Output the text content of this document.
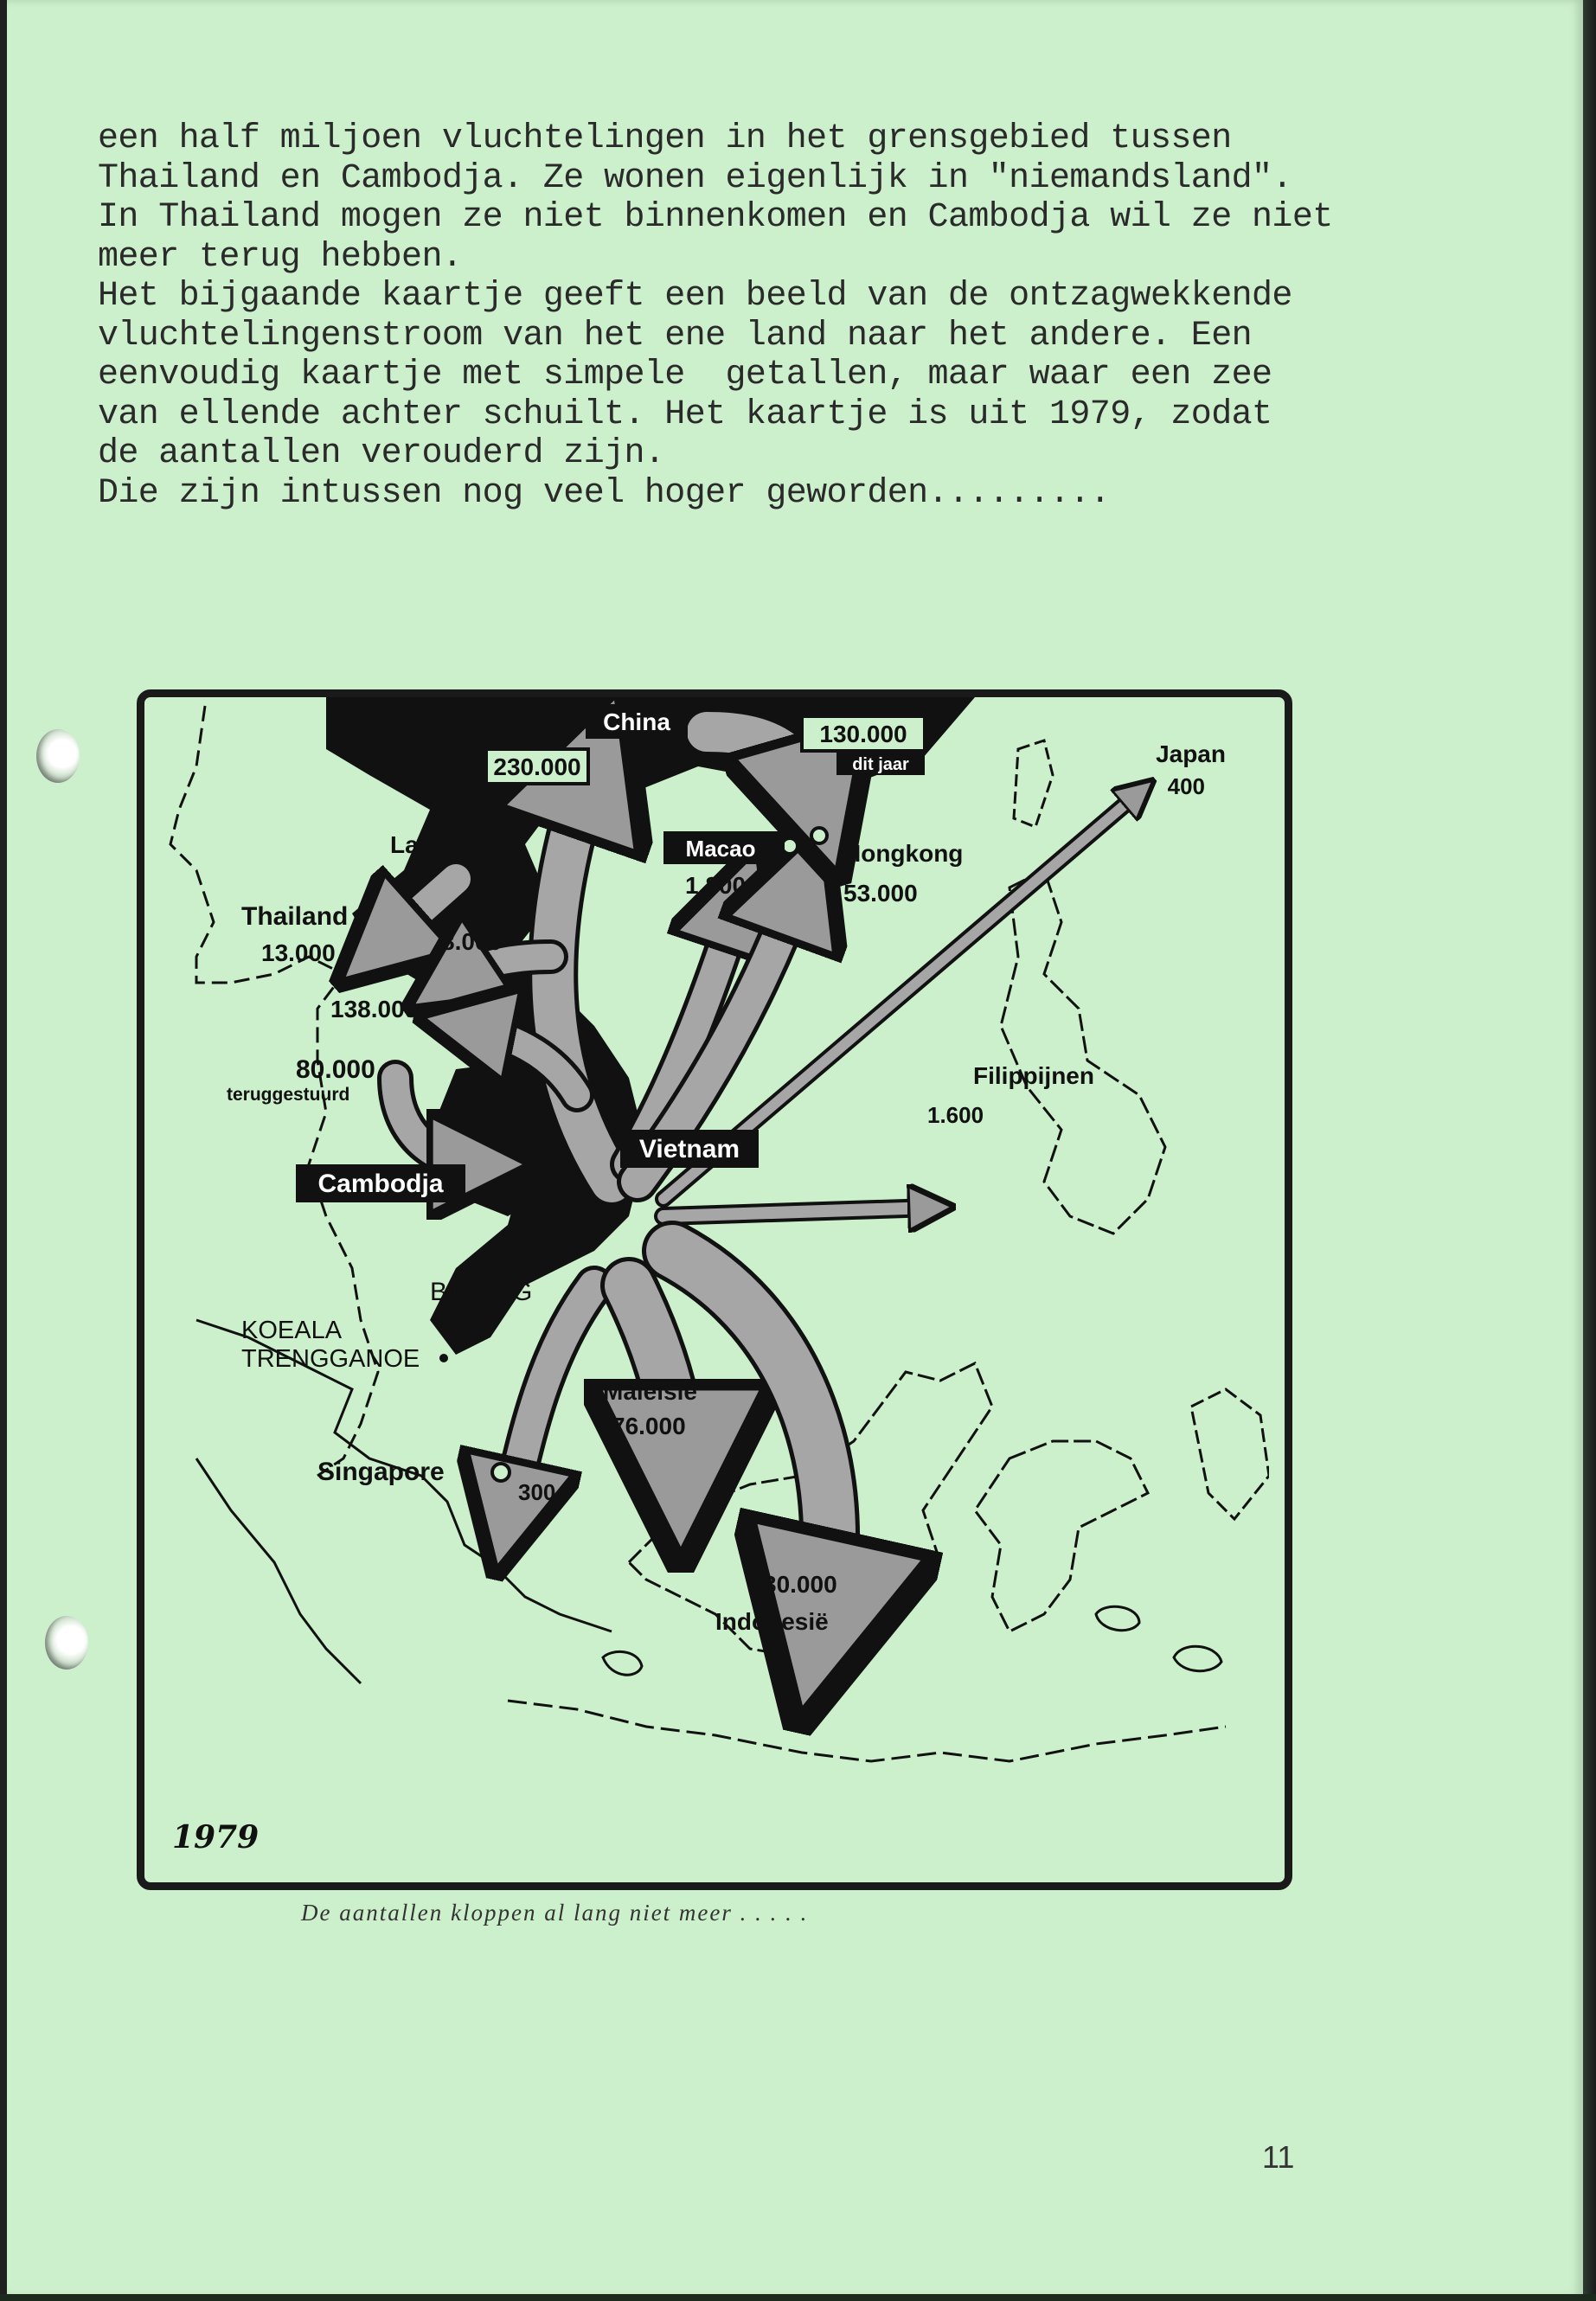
een half miljoen vluchtelingen in het grensgebied tussen
Thailand en Cambodja. Ze wonen eigenlijk in "niemandsland".
In Thailand mogen ze niet binnenkomen en Cambodja wil ze niet
meer terug hebben.
Het bijgaande kaartje geeft een beeld van de ontzagwekkende
vluchtelingenstroom van het ene land naar het andere. Een
eenvoudig kaartje met simpele  getallen, maar waar een zee
van ellende achter schuilt. Het kaartje is uit 1979, zodat
de aantallen verouderd zijn.
Die zijn intussen nog veel hoger geworden.........
China
230.000
130.000
dit jaar
Macao
Vietnam
Cambodja
Japan
400
Laos
1.800
Hongkong
53.000
Thailand
13.000	8.000
138.000
80.000
teruggestuurd
Filippijnen
1.600
BIDONG
KOEALA
TRENGGANOE
Maleisië
76.000
Singapore
300
30.000
Indonesië
1979
De aantallen kloppen al lang niet meer . . . . .
11
